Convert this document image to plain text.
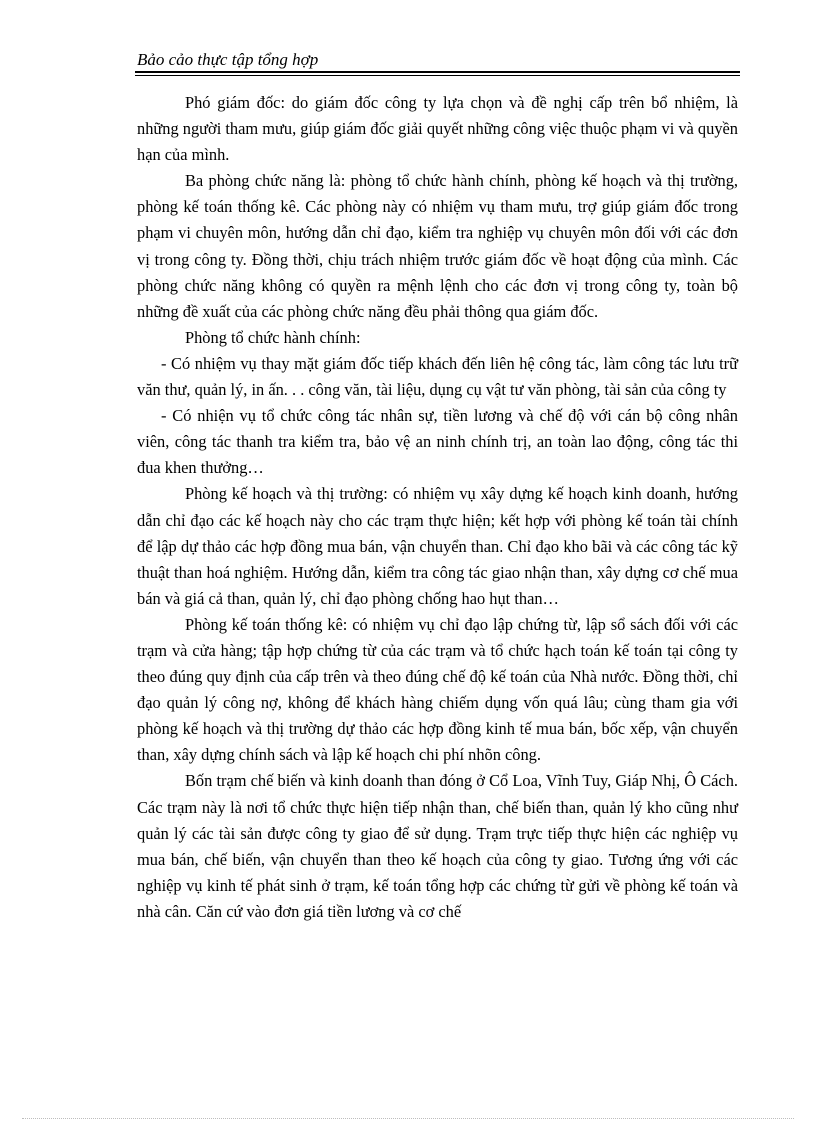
Bảo cảo thực tập tổng hợp

Phó giám đốc: do giám đốc công ty lựa chọn và đề nghị cấp trên bổ nhiệm, là những người tham mưu, giúp giám đốc giải quyết những công việc thuộc phạm vi và quyền hạn của mình.

Ba phòng chức năng là: phòng tổ chức hành chính, phòng kế hoạch và thị trường, phòng kế toán thống kê. Các phòng này có nhiệm vụ tham mưu, trợ giúp giám đốc trong phạm vi chuyên môn, hướng dẫn chỉ đạo, kiểm tra nghiệp vụ chuyên môn đối với các đơn vị trong công ty. Đồng thời, chịu trách nhiệm trước giám đốc về hoạt động của mình. Các phòng chức năng không có quyền ra mệnh lệnh cho các đơn vị trong công ty, toàn bộ những đề xuất của các phòng chức năng đều phải thông qua giám đốc.

Phòng tổ chức hành chính:

- Có nhiệm vụ thay mặt giám đốc tiếp khách đến liên hệ công tác, làm công tác lưu trữ văn thư, quản lý, in ấn. . . công văn, tài liệu, dụng cụ vật tư văn phòng, tài sản của công ty

- Có nhiện vụ tổ chức công tác nhân sự, tiền lương và chế độ với cán bộ công nhân viên, công tác thanh tra kiểm tra, bảo vệ an ninh chính trị, an toàn lao động, công tác thi đua khen thưởng…

Phòng kế hoạch và thị trường: có nhiệm vụ xây dựng kế hoạch kinh doanh, hướng dẫn chỉ đạo các kế hoạch này cho các trạm thực hiện; kết hợp với phòng kế toán tài chính để lập dự thảo các hợp đồng mua bán, vận chuyển than. Chỉ đạo kho bãi và các công tác kỹ thuật than hoá nghiệm. Hướng dẫn, kiểm tra công tác giao nhận than, xây dựng cơ chế mua bán và giá cả than, quản lý, chỉ đạo phòng chống hao hụt than…

Phòng kế toán thống kê: có nhiệm vụ chỉ đạo lập chứng từ, lập sổ sách đối với các trạm và cửa hàng; tập hợp chứng từ của các trạm và tổ chức hạch toán kế toán tại công ty theo đúng quy định của cấp trên và theo đúng chế độ kế toán của Nhà nước. Đồng thời, chỉ đạo quản lý công nợ, không để khách hàng chiếm dụng vốn quá lâu; cùng tham gia với phòng kế hoạch và thị trường dự thảo các hợp đồng kinh tế mua bán, bốc xếp, vận chuyển than, xây dựng chính sách và lập kế hoạch chi phí nhõn công.

Bốn trạm chế biến và kinh doanh than đóng ở Cổ Loa, Vĩnh Tuy, Giáp Nhị, Ô Cách. Các trạm này là nơi tổ chức thực hiện tiếp nhận than, chế biến than, quản lý kho cũng như quản lý các tài sản được công ty giao để sử dụng. Trạm trực tiếp thực hiện các nghiệp vụ mua bán, chế biến, vận chuyển than theo kế hoạch của công ty giao. Tương ứng với các nghiệp vụ kinh tế phát sinh ở trạm, kế toán tổng hợp các chứng từ gửi về phòng kế toán và nhà cân. Căn cứ vào đơn giá tiền lương và cơ chế
